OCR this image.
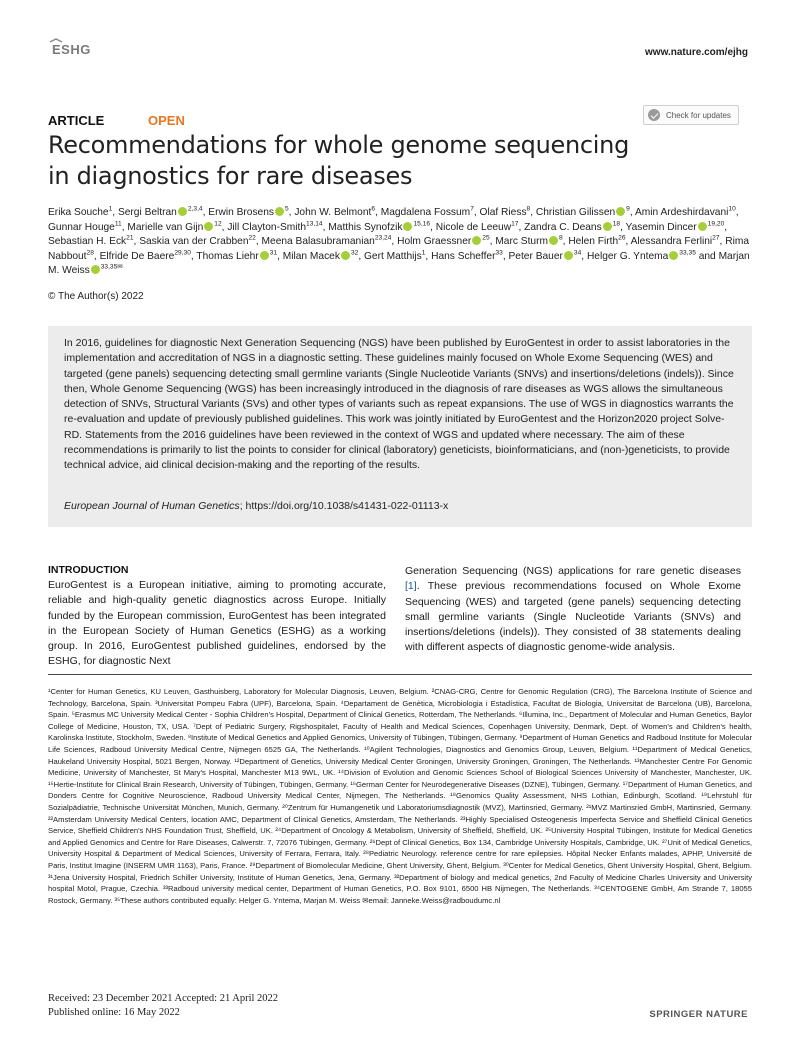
ESHG	www.nature.com/ejhg
ARTICLE	OPEN	Check for updates
Recommendations for whole genome sequencing
in diagnostics for rare diseases
Erika Souche$^1$, Sergi Beltran $^{2,3,4}$, Erwin Brosens $^5$, John W. Belmont$^6$, Magdalena Fossum$^7$, Olaf Riess$^8$, Christian Gilissen $^9$, Amin Ardeshirdavani$^{10}$, Gunnar Houge$^{11}$, Marielle van Gijn $^{12}$, Jill Clayton-Smith$^{13,14}$, Matthis Synofzik $^{15,16}$, Nicole de Leeuw$^{17}$, Zandra C. Deans $^{18}$, Yasemin Dincer $^{19,20}$, Sebastian H. Eck$^{21}$, Saskia van der Crabben$^{22}$, Meena Balasubramanian$^{23,24}$, Holm Graessner $^{25}$, Marc Sturm $^8$, Helen Firth$^{26}$, Alessandra Ferlini$^{27}$, Rima Nabbout$^{28}$, Elfride De Baere$^{29,30}$, Thomas Liehr $^{31}$, Milan Macek $^{32}$, Gert Matthijs$^1$, Hans Scheffer$^{33}$, Peter Bauer $^{34}$, Helger G. Yntema $^{33,35}$ and Marjan M. Weiss $^{33,35✉}$
© The Author(s) 2022
In 2016, guidelines for diagnostic Next Generation Sequencing (NGS) have been published by EuroGentest in order to assist laboratories in the implementation and accreditation of NGS in a diagnostic setting. These guidelines mainly focused on Whole Exome Sequencing (WES) and targeted (gene panels) sequencing detecting small germline variants (Single Nucleotide Variants (SNVs) and insertions/deletions (indels)). Since then, Whole Genome Sequencing (WGS) has been increasingly introduced in the diagnosis of rare diseases as WGS allows the simultaneous detection of SNVs, Structural Variants (SVs) and other types of variants such as repeat expansions. The use of WGS in diagnostics warrants the re-evaluation and update of previously published guidelines. This work was jointly initiated by EuroGentest and the Horizon2020 project Solve-RD. Statements from the 2016 guidelines have been reviewed in the context of WGS and updated where necessary. The aim of these recommendations is primarily to list the points to consider for clinical (laboratory) geneticists, bioinformaticians, and (non-)geneticists, to provide technical advice, aid clinical decision-making and the reporting of the results.
European Journal of Human Genetics; https://doi.org/10.1038/s41431-022-01113-x
INTRODUCTION
EuroGentest is a European initiative, aiming to promoting accurate, reliable and high-quality genetic diagnostics across Europe. Initially funded by the European commission, EuroGentest has been integrated in the European Society of Human Genetics (ESHG) as a working group. In 2016, EuroGentest published guidelines, endorsed by the ESHG, for diagnostic Next
Generation Sequencing (NGS) applications for rare genetic diseases [1]. These previous recommendations focused on Whole Exome Sequencing (WES) and targeted (gene panels) sequencing detecting small germline variants (Single Nucleotide Variants (SNVs) and insertions/deletions (indels)). They consisted of 38 statements dealing with different aspects of diagnostic genome-wide analysis.
¹Center for Human Genetics, KU Leuven, Gasthuisberg, Laboratory for Molecular Diagnosis, Leuven, Belgium. ²CNAG-CRG, Centre for Genomic Regulation (CRG), The Barcelona Institute of Science and Technology, Barcelona, Spain. ³Universitat Pompeu Fabra (UPF), Barcelona, Spain. ⁴Departament de Genètica, Microbiologia i Estadística, Facultat de Biologia, Universitat de Barcelona (UB), Barcelona, Spain. ⁵Erasmus MC University Medical Center - Sophia Children's Hospital, Department of Clinical Genetics, Rotterdam, The Netherlands. ⁶Illumina, Inc., Department of Molecular and Human Genetics, Baylor College of Medicine, Houston, TX, USA. ⁷Dept of Pediatric Surgery, Rigshospitalet, Faculty of Health and Medical Sciences, Copenhagen University, Denmark, Dept. of Women's and Children's health, Karolinska Institute, Stockholm, Sweden. ⁸Institute of Medical Genetics and Applied Genomics, University of Tübingen, Tübingen, Germany. ⁹Department of Human Genetics and Radboud Institute for Molecular Life Sciences, Radboud University Medical Centre, Nijmegen 6525 GA, The Netherlands. ¹⁰Agilent Technologies, Diagnostics and Genomics Group, Leuven, Belgium. ¹¹Department of Medical Genetics, Haukeland University Hospital, 5021 Bergen, Norway. ¹²Department of Genetics, University Medical Center Groningen, University Groningen, Groningen, The Netherlands. ¹³Manchester Centre For Genomic Medicine, University of Manchester, St Mary's Hospital, Manchester M13 9WL, UK. ¹⁴Division of Evolution and Genomic Sciences School of Biological Sciences University of Manchester, Manchester, UK. ¹⁵Hertie-Institute for Clinical Brain Research, University of Tübingen, Tübingen, Germany. ¹⁶German Center for Neurodegenerative Diseases (DZNE), Tübingen, Germany. ¹⁷Department of Human Genetics, and Donders Centre for Cognitive Neuroscience, Radboud University Medical Center, Nijmegen, The Netherlands. ¹⁸Genomics Quality Assessment, NHS Lothian, Edinburgh, Scotland. ¹⁹Lehrstuhl für Sozialpädiatrie, Technische Universität München, Munich, Germany. ²⁰Zentrum für Humangenetik und Laboratoriumsdiagnostik (MVZ), Martinsried, Germany. ²¹MVZ Martinsried GmbH, Martinsried, Germany. ²²Amsterdam University Medical Centers, location AMC, Department of Clinical Genetics, Amsterdam, The Netherlands. ²³Highly Specialised Osteogenesis Imperfecta Service and Sheffield Clinical Genetics Service, Sheffield Children's NHS Foundation Trust, Sheffield, UK. ²⁴Department of Oncology & Metabolism, University of Sheffield, Sheffield, UK. ²⁵University Hospital Tübingen, Institute for Medical Genetics and Applied Genomics and Centre for Rare Diseases, Calwerstr. 7, 72076 Tübingen, Germany. ²⁶Dept of Clinical Genetics, Box 134, Cambridge University Hospitals, Cambridge, UK. ²⁷Unit of Medical Genetics, University Hospital & Department of Medical Sciences, University of Ferrara, Ferrara, Italy. ²⁸Pediatric Neurology. reference centre for rare epilepsies. Hôpital Necker Enfants malades, APHP, Université de Paris, Institut Imagine (INSERM UMR 1163), Paris, France. ²⁹Department of Biomolecular Medicine, Ghent University, Ghent, Belgium. ³⁰Center for Medical Genetics, Ghent University Hospital, Ghent, Belgium. ³¹Jena University Hospital, Friedrich Schiller University, Institute of Human Genetics, Jena, Germany. ³²Department of biology and medical genetics, 2nd Faculty of Medicine Charles University and University hospital Motol, Prague, Czechia. ³³Radboud university medical center, Department of Human Genetics, P.O. Box 9101, 6500 HB Nijmegen, The Netherlands. ³⁴CENTOGENE GmbH, Am Strande 7, 18055 Rostock, Germany. ³⁵These authors contributed equally: Helger G. Yntema, Marjan M. Weiss ✉email: Janneke.Weiss@radboudumc.nl
Received: 23 December 2021 Accepted: 21 April 2022
Published online: 16 May 2022	SPRINGER NATURE
